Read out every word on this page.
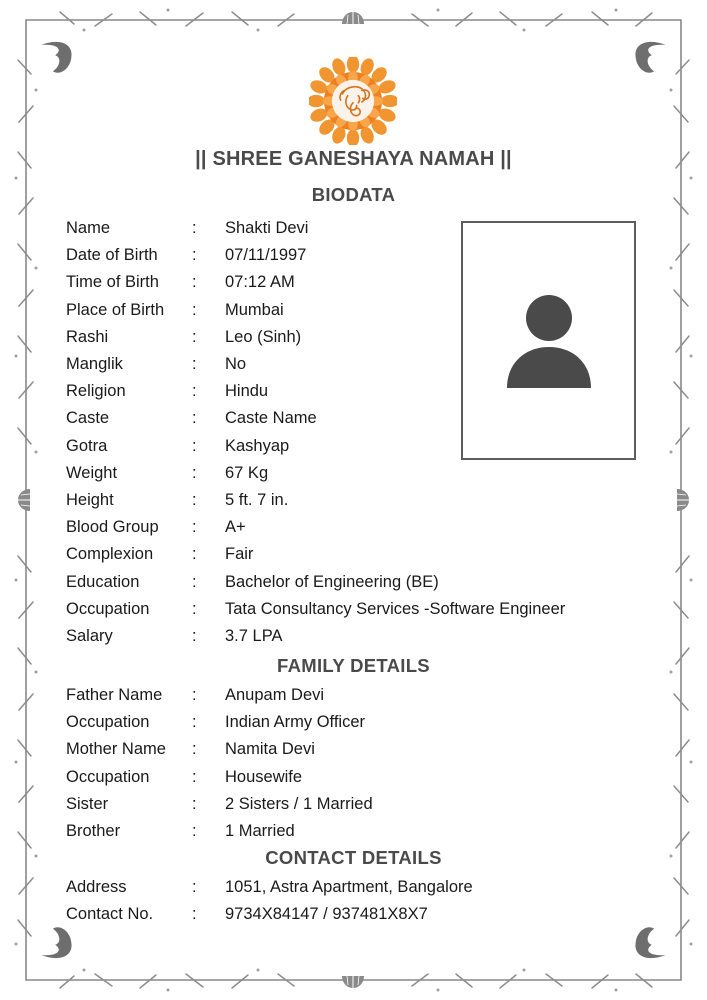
|| SHREE GANESHAYA NAMAH ||
BIODATA
FAMILY DETAILS
CONTACT DETAILS
Name	: Shakti Devi
Date of Birth : 07/11/1997
Time of Birth : 07:12 AM
Place of Birth : Mumbai
Rashi	: Leo (Sinh)
Manglik	: No
Religion	: Hindu
Caste	: Caste Name
Gotra	: Kashyap
Weight	: 67 Kg
Height	: 5 ft. 7 in.
Blood Group : A+
Complexion : Fair
Education	: Bachelor of Engineering (BE)
Occupation	: Tata Consultancy Services -Software Engineer
Salary	: 3.7 LPA
Father Name : Anupam Devi
Occupation	: Indian Army Officer
Mother Name : Namita Devi
Occupation	: Housewife
Sister	: 2 Sisters / 1 Married
Brother	: 1 Married
Address	: 1051, Astra Apartment, Bangalore
Contact No. : 9734X84147 / 937481X8X7
